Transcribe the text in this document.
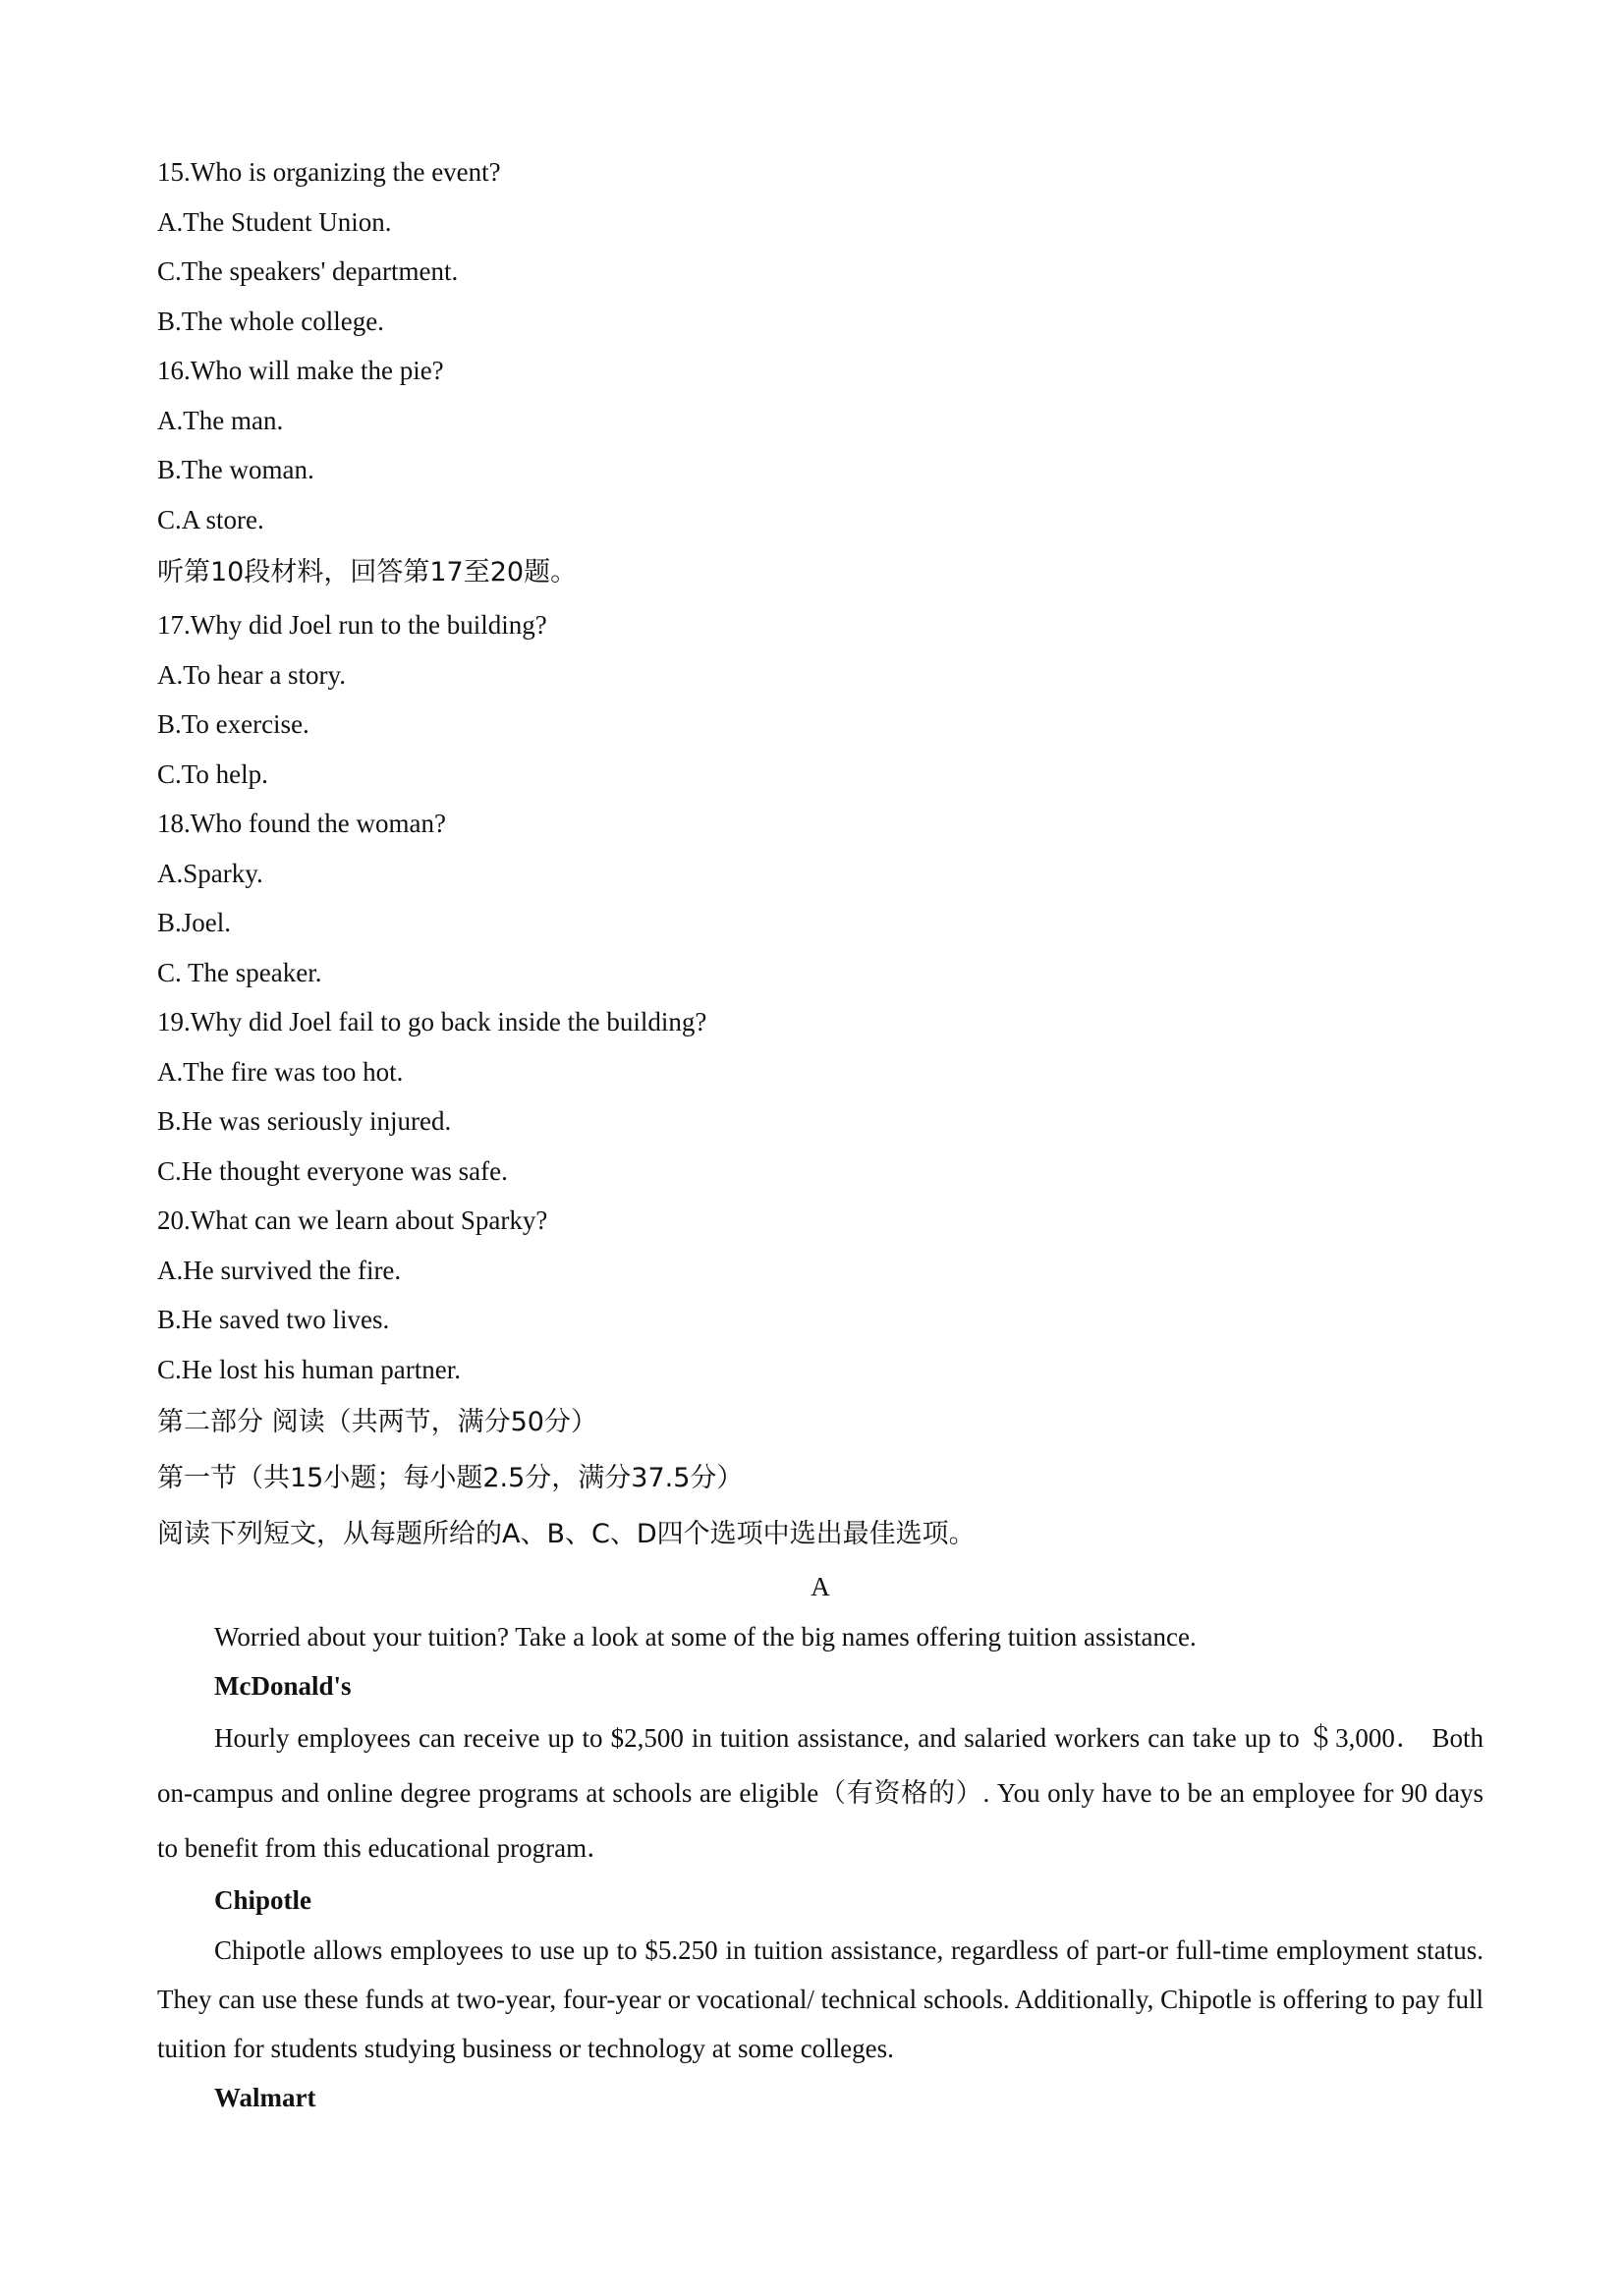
15.Who is organizing the event?
A.The Student Union.
C.The speakers' department.
B.The whole college.
16.Who will make the pie?
A.The man.
B.The woman.
C.A store.
听第10段材料，回答第17至20题。
17.Why did Joel run to the building?
A.To hear a story.
B.To exercise.
C.To help.
18.Who found the woman?
A.Sparky.
B.Joel.
C. The speaker.
19.Why did Joel fail to go back inside the building?
A.The fire was too hot.
B.He was seriously injured.
C.He thought everyone was safe.
20.What can we learn about Sparky?
A.He survived the fire.
B.He saved two lives.
C.He lost his human partner.
第二部分 阅读（共两节，满分50分）
第一节（共15小题；每小题2.5分，满分37.5分）
阅读下列短文，从每题所给的A、B、C、D四个选项中选出最佳选项。
A

Worried about your tuition? Take a look at some of the big names offering tuition assistance.

McDonald's

Hourly employees can receive up to $2,500 in tuition assistance, and salaried workers can take up to ＄3,000． Both on-campus and online degree programs at schools are eligible（有资格的）. You only have to be an employee for 90 days to benefit from this educational program．

Chipotle

Chipotle allows employees to use up to $5.250 in tuition assistance, regardless of part-or full-time employment status. They can use these funds at two-year, four-year or vocational/ technical schools. Additionally, Chipotle is offering to pay full tuition for students studying business or technology at some colleges.

Walmart
